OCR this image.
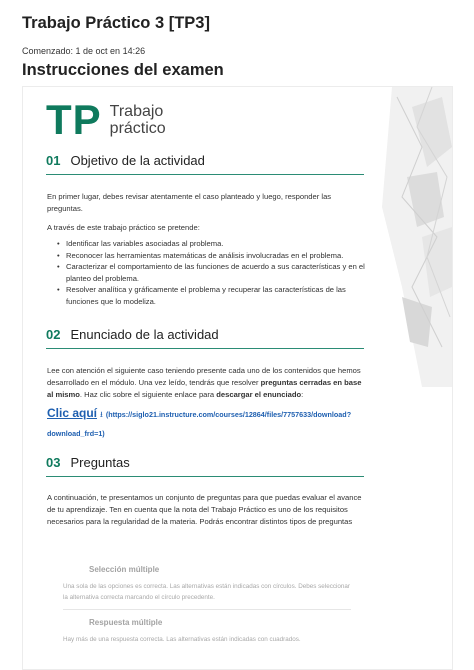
Trabajo Práctico 3 [TP3]
Comenzado: 1 de oct en 14:26
Instrucciones del examen
TP Trabajo
práctico
01 Objetivo de la actividad
En primer lugar, debes revisar atentamente el caso planteado y luego, responder las preguntas.
A través de este trabajo práctico se pretende:
• Identificar las variables asociadas al problema.
• Reconocer las herramientas matemáticas de análisis involucradas en el problema.
• Caracterizar el comportamiento de las funciones de acuerdo a sus características y en el planteo del problema.
• Resolver analítica y gráficamente el problema y recuperar las características de las funciones que lo modeliza.
02 Enunciado de la actividad
Lee con atención el siguiente caso teniendo presente cada uno de los contenidos que hemos desarrollado en el módulo. Una vez leído, tendrás que resolver preguntas cerradas en base al mismo. Haz clic sobre el siguiente enlace para descargar el enunciado:
Clic aquí ⭳ (https://siglo21.instructure.com/courses/12864/files/7757633/download?download_frd=1)
03 Preguntas
A continuación, te presentamos un conjunto de preguntas para que puedas evaluar el avance de tu aprendizaje. Ten en cuenta que la nota del Trabajo Práctico es uno de los requisitos necesarios para la regularidad de la materia. Podrás encontrar distintos tipos de preguntas
Selección múltiple
Una sola de las opciones es correcta. Las alternativas están indicadas con círculos. Debes seleccionar la alternativa correcta marcando el círculo precedente.
Respuesta múltiple
Hay más de una respuesta correcta. Las alternativas están indicadas con cuadrados.
